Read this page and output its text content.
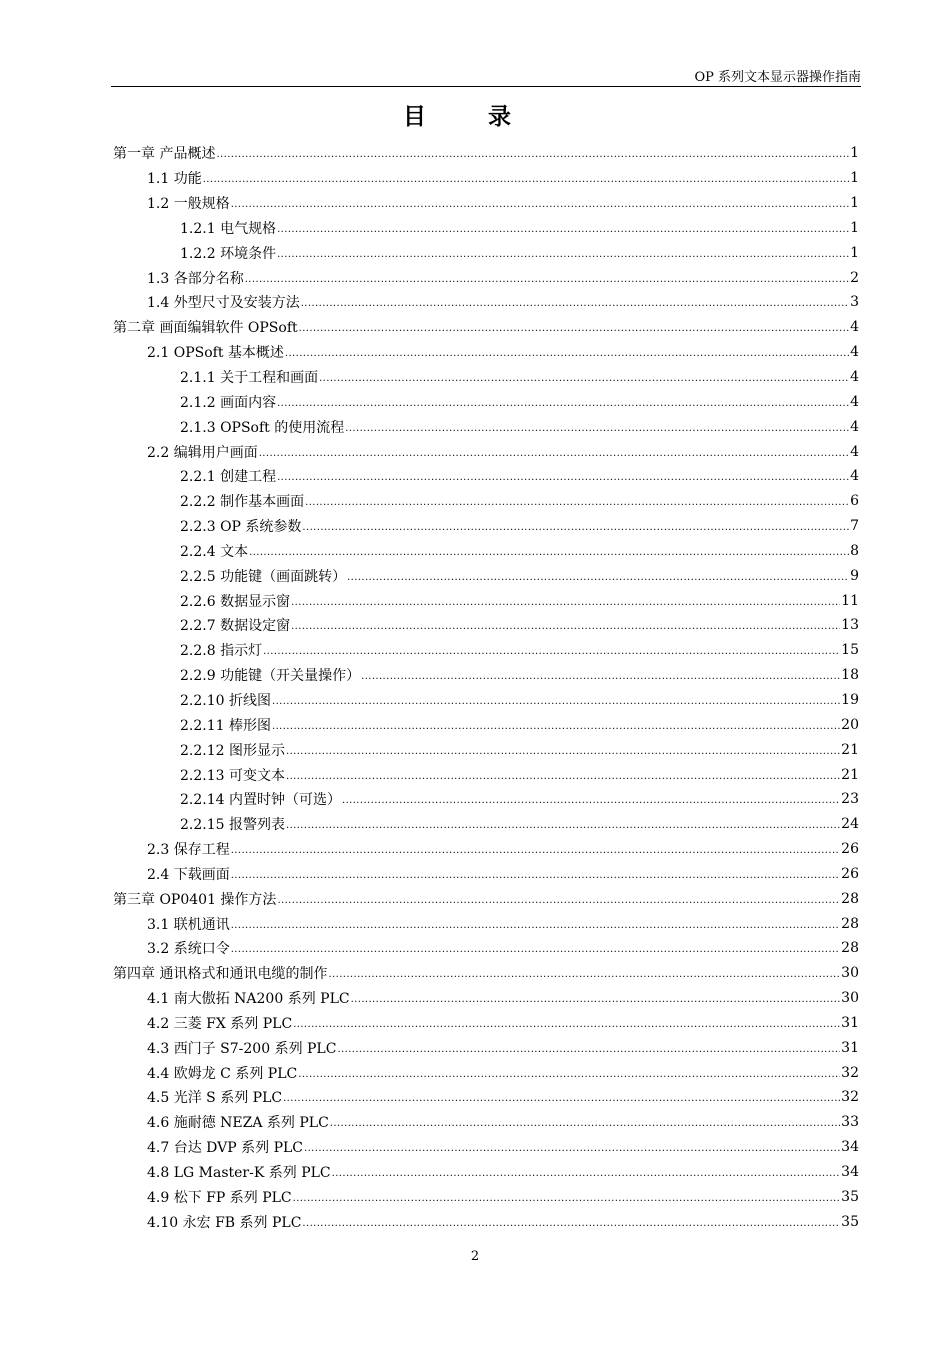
OP 系列文本显示器操作指南
目录
第一章 产品概述 .....	1
1.1 功能 .....	1
1.2 一般规格 .....	1
1.2.1 电气规格 .....	1
1.2.2 环境条件 .....	1
1.3 各部分名称 .....	2
1.4 外型尺寸及安装方法 .....	3
第二章 画面编辑软件 OPSoft .....	4
2.1 OPSoft 基本概述 .....	4
2.1.1 关于工程和画面 .....	4
2.1.2 画面内容 .....	4
2.1.3 OPSoft 的使用流程 .....	4
2.2 编辑用户画面 .....	4
2.2.1 创建工程 .....	4
2.2.2 制作基本画面 .....	6
2.2.3 OP 系统参数 .....	7
2.2.4 文本 .....	8
2.2.5 功能键（画面跳转） .....	9
2.2.6 数据显示窗 .....	11
2.2.7 数据设定窗 .....	13
2.2.8 指示灯 .....	15
2.2.9 功能键（开关量操作） .....	18
2.2.10 折线图 .....	19
2.2.11 棒形图 .....	20
2.2.12 图形显示 .....	21
2.2.13 可变文本 .....	21
2.2.14 内置时钟（可选） .....	23
2.2.15 报警列表 .....	24
2.3 保存工程 .....	26
2.4 下载画面 .....	26
第三章 OP0401 操作方法 .....	28
3.1 联机通讯 .....	28
3.2 系统口令 .....	28
第四章 通讯格式和通讯电缆的制作 .....	30
4.1 南大傲拓 NA200 系列 PLC .....	30
4.2 三菱 FX 系列 PLC .....	31
4.3 西门子 S7-200 系列 PLC .....	31
4.4 欧姆龙 C 系列 PLC .....	32
4.5 光洋 S 系列 PLC .....	32
4.6 施耐德 NEZA 系列 PLC .....	33
4.7 台达 DVP 系列 PLC .....	34
4.8 LG Master-K 系列 PLC .....	34
4.9 松下 FP 系列 PLC .....	35
4.10 永宏 FB 系列 PLC .....	35
2
